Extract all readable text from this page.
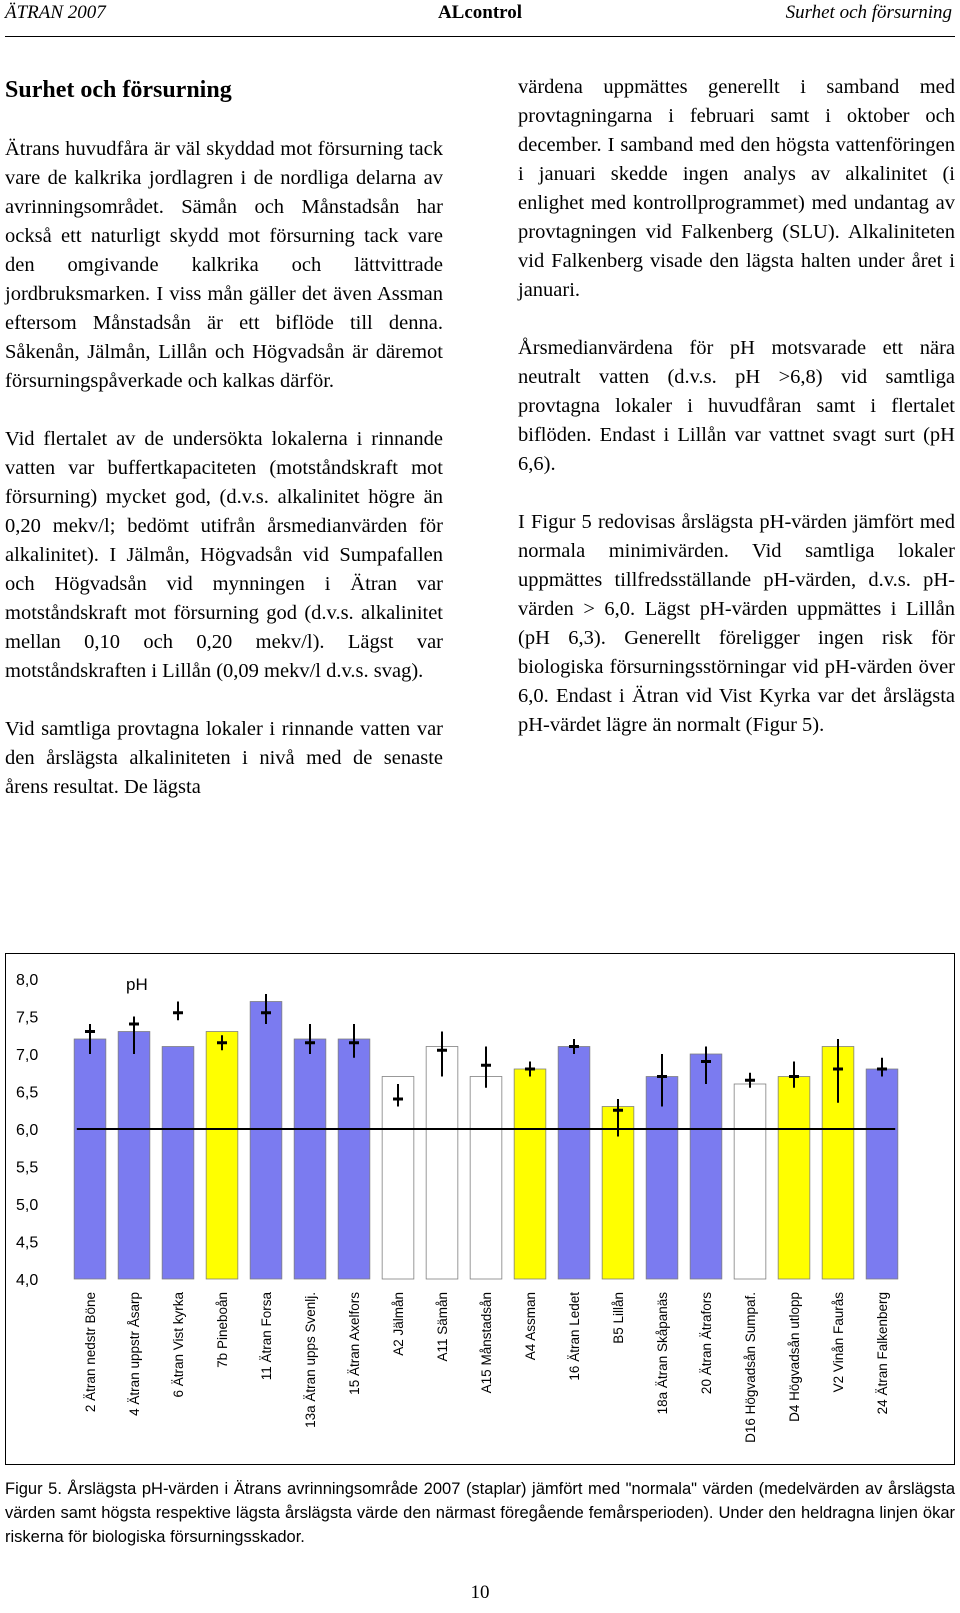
ÄTRAN 2007	ALcontrol	Surhet och försurning
Surhet och försurning

Ätrans huvudfåra är väl skyddad mot försurning tack vare de kalkrika jordlagren i de nordliga delarna av avrinningsområdet. Sämån och Månstadsån har också ett naturligt skydd mot försurning tack vare den omgivande kalkrika och lättvittrade jordbruksmarken. I viss mån gäller det även Assman eftersom Månstadsån är ett biflöde till denna. Såkenån, Jälmån, Lillån och Högvadsån är däremot försurningspåverkade och kalkas därför.

Vid flertalet av de undersökta lokalerna i rinnande vatten var buffertkapaciteten (motståndskraft mot försurning) mycket god, (d.v.s. alkalinitet högre än 0,20 mekv/l; bedömt utifrån årsmedianvärden för alkalinitet). I Jälmån, Högvadsån vid Sumpafallen och Högvadsån vid mynningen i Ätran var motståndskraft mot försurning god (d.v.s. alkalinitet mellan 0,10 och 0,20 mekv/l). Lägst var motståndskraften i Lillån (0,09 mekv/l d.v.s. svag).

Vid samtliga provtagna lokaler i rinnande vatten var den årslägsta alkaliniteten i nivå med de senaste årens resultat. De lägsta

värdena uppmättes generellt i samband med provtagningarna i februari samt i oktober och december. I samband med den högsta vattenföringen i januari skedde ingen analys av alkalinitet (i enlighet med kontrollprogrammet) med undantag av provtagningen vid Falkenberg (SLU). Alkaliniteten vid Falkenberg visade den lägsta halten under året i januari.

Årsmedianvärdena för pH motsvarade ett nära neutralt vatten (d.v.s. pH >6,8) vid samtliga provtagna lokaler i huvudfåran samt i flertalet biflöden. Endast i Lillån var vattnet svagt surt (pH 6,6).

I Figur 5 redovisas årslägsta pH-värden jämfört med normala minimivärden. Vid samtliga lokaler uppmättes tillfredsställande pH-värden, d.v.s. pH-värden > 6,0. Lägst pH-värden uppmättes i Lillån (pH 6,3). Generellt föreligger ingen risk för biologiska försurningsstörningar vid pH-värden över 6,0. Endast i Ätran vid Vist Kyrka var det årslägsta pH-värdet lägre än normalt (Figur 5).

8,0
7,5
7,0
6,5
6,0
5,5
5,0
4,5
4,0
pH
2 Ätran nedstr Böne 4 Ätran uppstr Åsarp 6 Ätran Vist kyrka 7b Pineboån 11 Ätran Forsa 13a Ätran upps Svenlj. 15 Ätran Axelfors A2 Jälmån A11 Sämån A15 Månstadsån A4 Assman 16 Ätran Ledet B5 Lillån 18a Ätran Skåpanäs 20 Ätran Ätrafors D16 Högvadsån Sumpaf. D4 Högvadsån utlopp V2 Vinån Faurås 24 Ätran Falkenberg
Figur 5. Årslägsta pH-värden i Ätrans avrinningsområde 2007 (staplar) jämfört med "normala" värden (medelvärden av årslägsta värden samt högsta respektive lägsta årslägsta värde den närmast föregående femårsperioden). Under den heldragna linjen ökar riskerna för biologiska försurningsskador.
10
